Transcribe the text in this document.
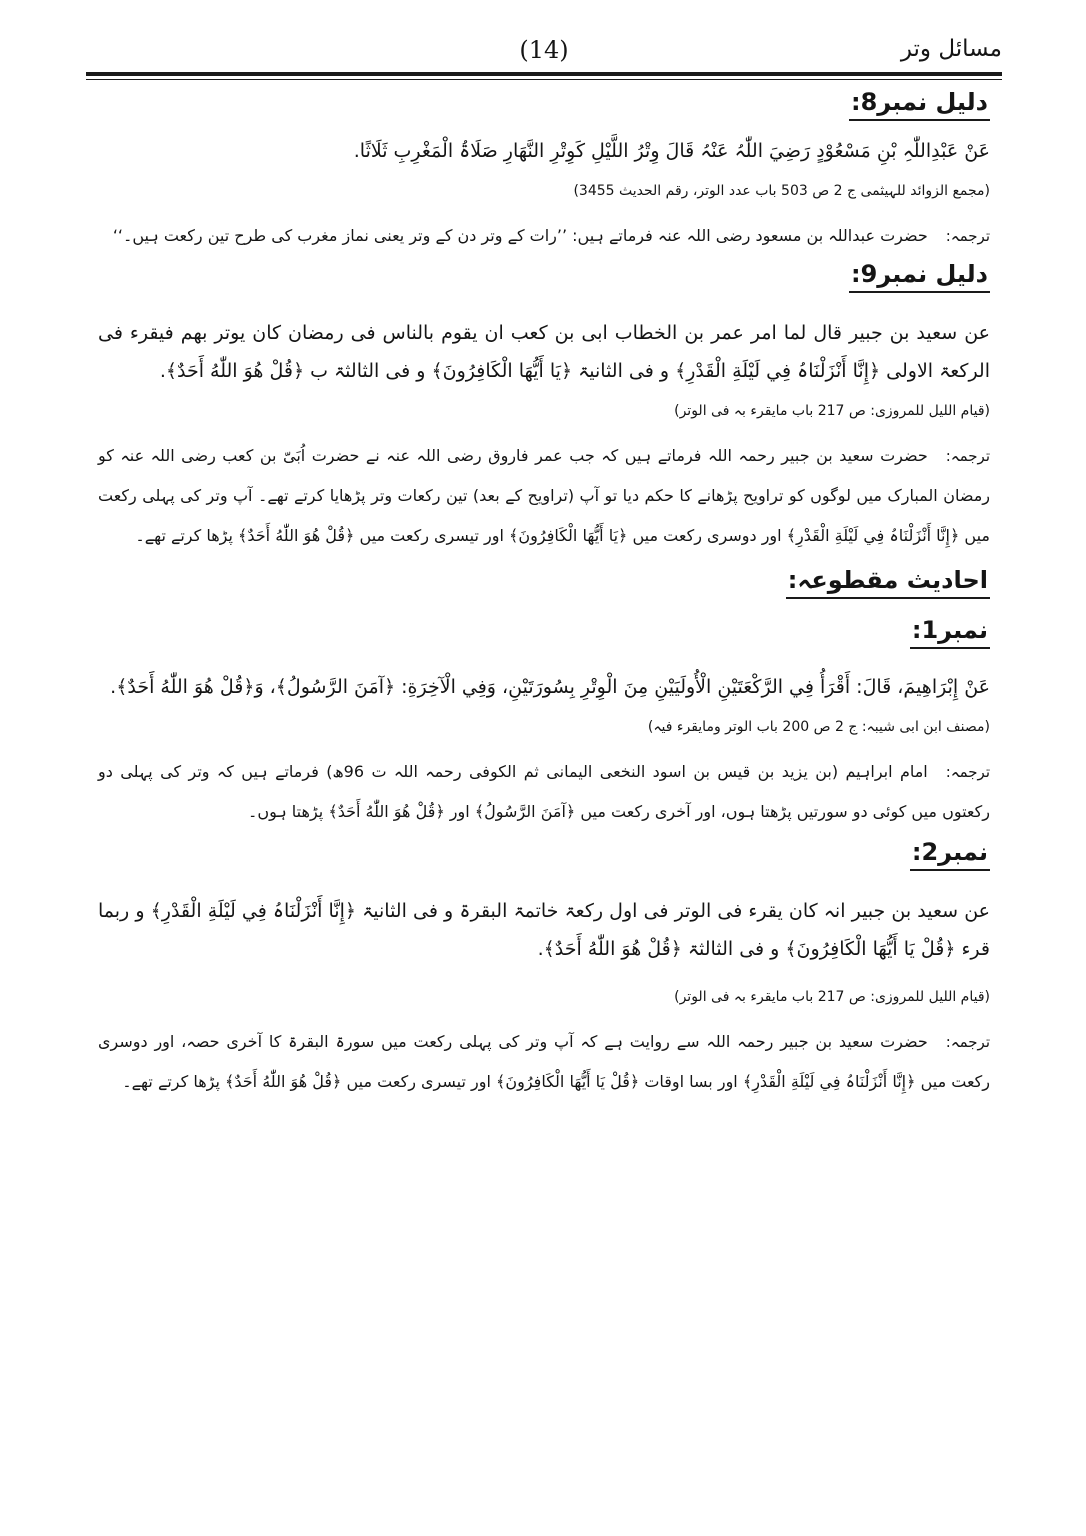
مسائل وتر
(14)
دلیل نمبر8:

عَنْ عَبْدِاللّٰہِ بْنِ مَسْعُوْدٍ رَضِيَ اللّٰہُ عَنْہُ قَالَ وِتْرُ اللَّیْلِ کَوِتْرِ النَّھَارِ صَلَاۃُ الْمَغْرِبِ ثَلَاثًا.

(مجمع الزوائد للہیثمی ج 2 ص 503 باب عدد الوتر، رقم الحدیث 3455)

ترجمہ:حضرت عبداللہ بن مسعود رضی اللہ عنہ فرماتے ہیں: ’’رات کے وتر دن کے وتر یعنی نماز مغرب کی طرح تین رکعت ہیں۔‘‘

دلیل نمبر9:

عن سعید بن جبیر قال لما امر عمر بن الخطاب ابی بن کعب ان یقوم بالناس فی رمضان کان یوتر بھم فیقرء فی الرکعۃ الاولی ﴿إِنَّا أَنْزَلْنَاہُ فِي لَيْلَةِ الْقَدْرِ﴾ و فی الثانیۃ ﴿يَا أَيُّهَا الْكَافِرُونَ﴾ و فی الثالثۃ ب ﴿قُلْ هُوَ اللّٰهُ أَحَدٌ﴾.

(قیام اللیل للمروزی: ص 217 باب مایقرء بہ فی الوتر)

ترجمہ:حضرت سعید بن جبیر رحمہ اللہ فرماتے ہیں کہ جب عمر فاروق رضی اللہ عنہ نے حضرت اُبَیّ بن کعب رضی اللہ عنہ کو رمضان المبارک میں لوگوں کو تراویح پڑھانے کا حکم دیا تو آپ (تراویح کے بعد) تین رکعات وتر پڑھایا کرتے تھے۔ آپ وتر کی پہلی رکعت میں ﴿إِنَّا أَنْزَلْنَاہُ فِي لَيْلَةِ الْقَدْرِ﴾ اور دوسری رکعت میں ﴿يَا أَيُّهَا الْكَافِرُونَ﴾ اور تیسری رکعت میں ﴿قُلْ هُوَ اللّٰهُ أَحَدٌ﴾ پڑھا کرتے تھے۔

احادیث مقطوعہ:
نمبر1:

عَنْ إِبْرَاهِيمَ، قَالَ: أَقْرَأُ فِي الرَّكْعَتَيْنِ الْأُولَيَيْنِ مِنَ الْوِتْرِ بِسُورَتَيْنِ، وَفِي الْآخِرَةِ: ﴿آمَنَ الرَّسُولُ﴾، وَ﴿قُلْ هُوَ اللّٰهُ أَحَدٌ﴾.

(مصنف ابن ابی شیبہ: ج 2 ص 200 باب الوتر ومایقرء فیہ)

ترجمہ:امام ابراہیم (بن یزید بن قیس بن اسود النخعی الیمانی ثم الکوفی رحمہ اللہ ت 96ھ) فرماتے ہیں کہ وتر کی پہلی دو رکعتوں میں کوئی دو سورتیں پڑھتا ہوں، اور آخری رکعت میں ﴿آمَنَ الرَّسُولُ﴾ اور ﴿قُلْ هُوَ اللّٰهُ أَحَدٌ﴾ پڑھتا ہوں۔

نمبر2:

عن سعید بن جبیر انہ کان یقرء فی الوتر فی اول رکعۃ خاتمۃ البقرۃ و فی الثانیۃ ﴿إِنَّا أَنْزَلْنَاہُ فِي لَيْلَةِ الْقَدْرِ﴾ و ربما قرء ﴿قُلْ يَا أَيُّهَا الْكَافِرُونَ﴾ و فی الثالثۃ ﴿قُلْ هُوَ اللّٰهُ أَحَدٌ﴾.

(قیام اللیل للمروزی: ص 217 باب مایقرء بہ فی الوتر)

ترجمہ:حضرت سعید بن جبیر رحمہ اللہ سے روایت ہے کہ آپ وتر کی پہلی رکعت میں سورۃ البقرۃ کا آخری حصہ، اور دوسری رکعت میں ﴿إِنَّا أَنْزَلْنَاہُ فِي لَيْلَةِ الْقَدْرِ﴾ اور بسا اوقات ﴿قُلْ يَا أَيُّهَا الْكَافِرُونَ﴾ اور تیسری رکعت میں ﴿قُلْ هُوَ اللّٰهُ أَحَدٌ﴾ پڑھا کرتے تھے۔
